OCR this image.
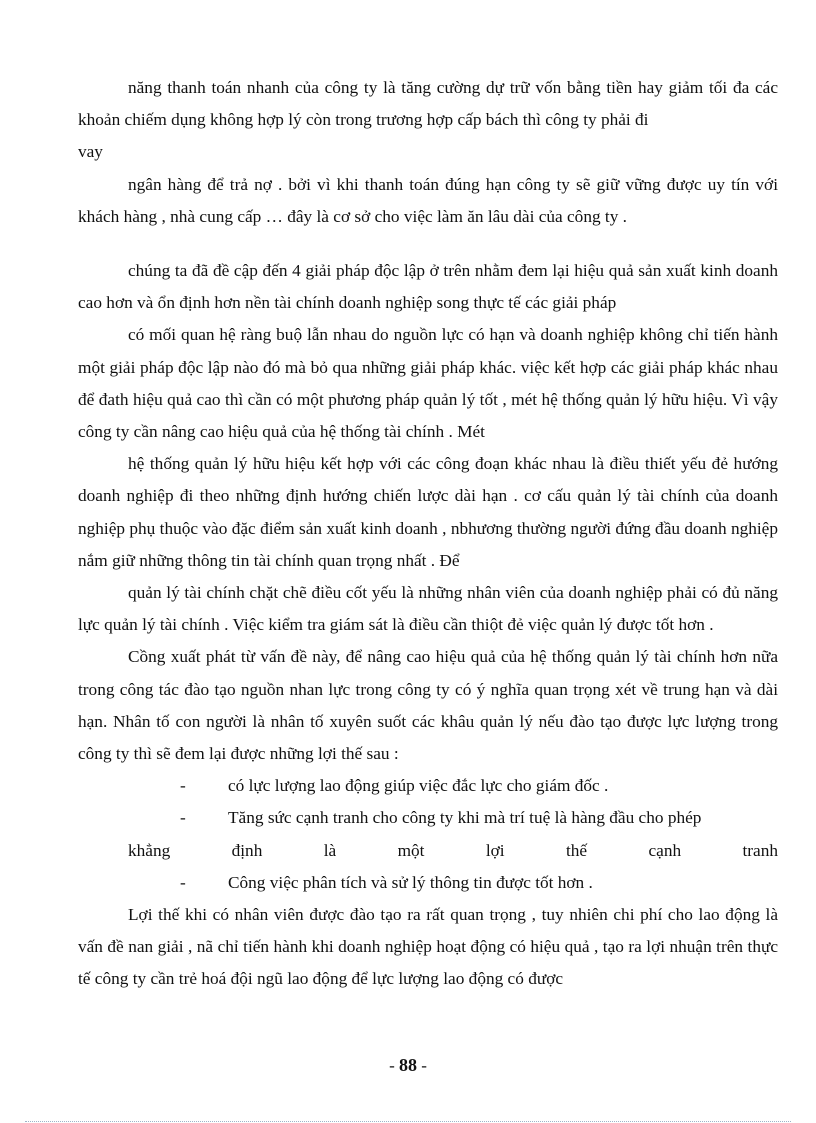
năng thanh toán nhanh của công ty là tăng cường dự trữ vốn bằng tiền hay giảm tối đa các khoản chiếm dụng không hợp lý còn trong trương hợp cấp bách thì công ty phải đi

vay

ngân hàng để trả nợ . bởi vì khi thanh toán đúng hạn công ty sẽ giữ vững được uy tín với khách hàng , nhà cung cấp … đây là cơ sở cho việc làm ăn lâu dài của công ty .

chúng ta đã đề cập đến 4 giải pháp độc lập ở trên nhằm đem lại hiệu quả sản xuất kinh doanh cao hơn và ổn định hơn nền tài chính doanh nghiệp song thực tế các giải pháp

có mối quan hệ ràng buộ lẫn nhau do nguồn lực có hạn và doanh nghiệp không chỉ tiến hành một giải pháp độc lập nào đó mà bỏ qua những giải pháp khác. việc kết hợp các giải pháp khác nhau để đath hiệu quả cao thì cần có một phương pháp quản lý tốt , mét hệ thống quản lý hữu hiệu. Vì vậy công ty cần nâng cao hiệu quả của hệ thống tài chính . Mét

hệ thống quản lý hữu hiệu kết hợp với các công đoạn khác nhau là điều thiết yếu đẻ hướng doanh nghiệp đi theo những định hướng chiến lược dài hạn . cơ cấu quản lý tài chính của doanh nghiệp phụ thuộc vào đặc điểm sản xuất kinh doanh , nbhương thường người đứng đầu doanh nghiệp nắm giữ những thông tin tài chính quan trọng nhất . Để

quản lý tài chính chặt chẽ điều cốt yếu là những nhân viên của doanh nghiệp phải có đủ năng lực quản lý tài chính . Việc kiểm tra giám sát là điều cần thiột đẻ việc quản lý được tốt hơn .

Cồng xuất phát từ vấn đề này, để nâng cao hiệu quả của hệ thống quản lý tài chính hơn nữa trong công tác đào tạo nguồn nhan lực trong công ty có ý nghĩa quan trọng xét về trung hạn và dài hạn. Nhân tố con người là nhân tố xuyên suốt các khâu quản lý nếu đào tạo được lực lượng trong công ty thì sẽ đem lại được những lợi thế sau :

-	có lực lượng lao động giúp việc đắc lực cho giám đốc .
-	Tăng sức cạnh tranh cho công ty khi mà trí tuệ là hàng đầu cho phép

khẳng định là một lợi thế cạnh tranh

-	Công việc phân tích và sử lý thông tin được tốt hơn .

Lợi thế khi có nhân viên được đào tạo ra rất quan trọng , tuy nhiên chi phí cho lao động là vấn đề nan giải , nã chỉ tiến hành khi doanh nghiệp hoạt động có hiệu quả , tạo ra lợi nhuận trên thực tế công ty cần trẻ hoá đội ngũ lao động để lực lượng lao động có được

- 88 -
